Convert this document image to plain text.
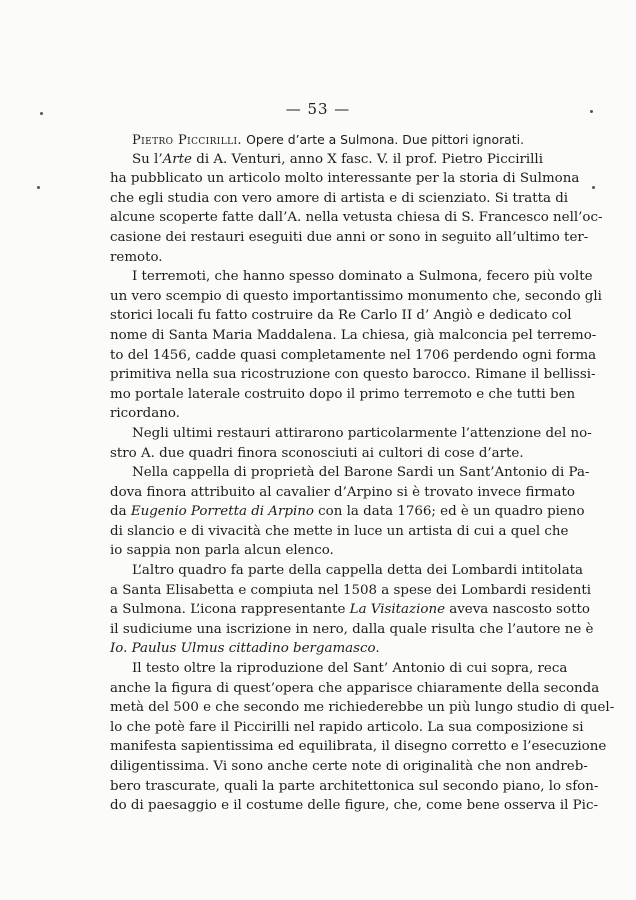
— 53 —
Pietro Piccirilli. Opere d’arte a Sulmona. Due pittori ignorati.
Su l’Arte di A. Venturi, anno X fasc. V. il prof. Pietro Piccirilli
ha pubblicato un articolo molto interessante per la storia di Sulmona
che egli studia con vero amore di artista e di scienziato. Si tratta di
alcune scoperte fatte dall’A. nella vetusta chiesa di S. Francesco nell’oc-
casione dei restauri eseguiti due anni or sono in seguito all’ultimo ter-
remoto.
I terremoti, che hanno spesso dominato a Sulmona, fecero più volte
un vero scempio di questo importantissimo monumento che, secondo gli
storici locali fu fatto costruire da Re Carlo II d’ Angiò e dedicato col
nome di Santa Maria Maddalena. La chiesa, già malconcia pel terremo-
to del 1456, cadde quasi completamente nel 1706 perdendo ogni forma
primitiva nella sua ricostruzione con questo barocco. Rimane il bellissi-
mo portale laterale costruito dopo il primo terremoto e che tutti ben
ricordano.
Negli ultimi restauri attirarono particolarmente l’attenzione del no-
stro A. due quadri finora sconosciuti ai cultori di cose d’arte.
Nella cappella di proprietà del Barone Sardi un Sant’Antonio di Pa-
dova finora attribuito al cavalier d’Arpino si è trovato invece firmato
da Eugenio Porretta di Arpino con la data 1766; ed è un quadro pieno
di slancio e di vivacità che mette in luce un artista di cui a quel che
io sappia non parla alcun elenco.
L’altro quadro fa parte della cappella detta dei Lombardi intitolata
a Santa Elisabetta e compiuta nel 1508 a spese dei Lombardi residenti
a Sulmona. L’icona rappresentante La Visitazione aveva nascosto sotto
il sudiciume una iscrizione in nero, dalla quale risulta che l’autore ne è
Io. Paulus Ulmus cittadino bergamasco.
Il testo oltre la riproduzione del Sant’ Antonio di cui sopra, reca
anche la figura di quest’opera che apparisce chiaramente della seconda
metà del 500 e che secondo me richiederebbe un più lungo studio di quel-
lo che potè fare il Piccirilli nel rapido articolo. La sua composizione si
manifesta sapientissima ed equilibrata, il disegno corretto e l’esecuzione
diligentissima. Vi sono anche certe note di originalità che non andreb-
bero trascurate, quali la parte architettonica sul secondo piano, lo sfon-
do di paesaggio e il costume delle figure, che, come bene osserva il Pic-
